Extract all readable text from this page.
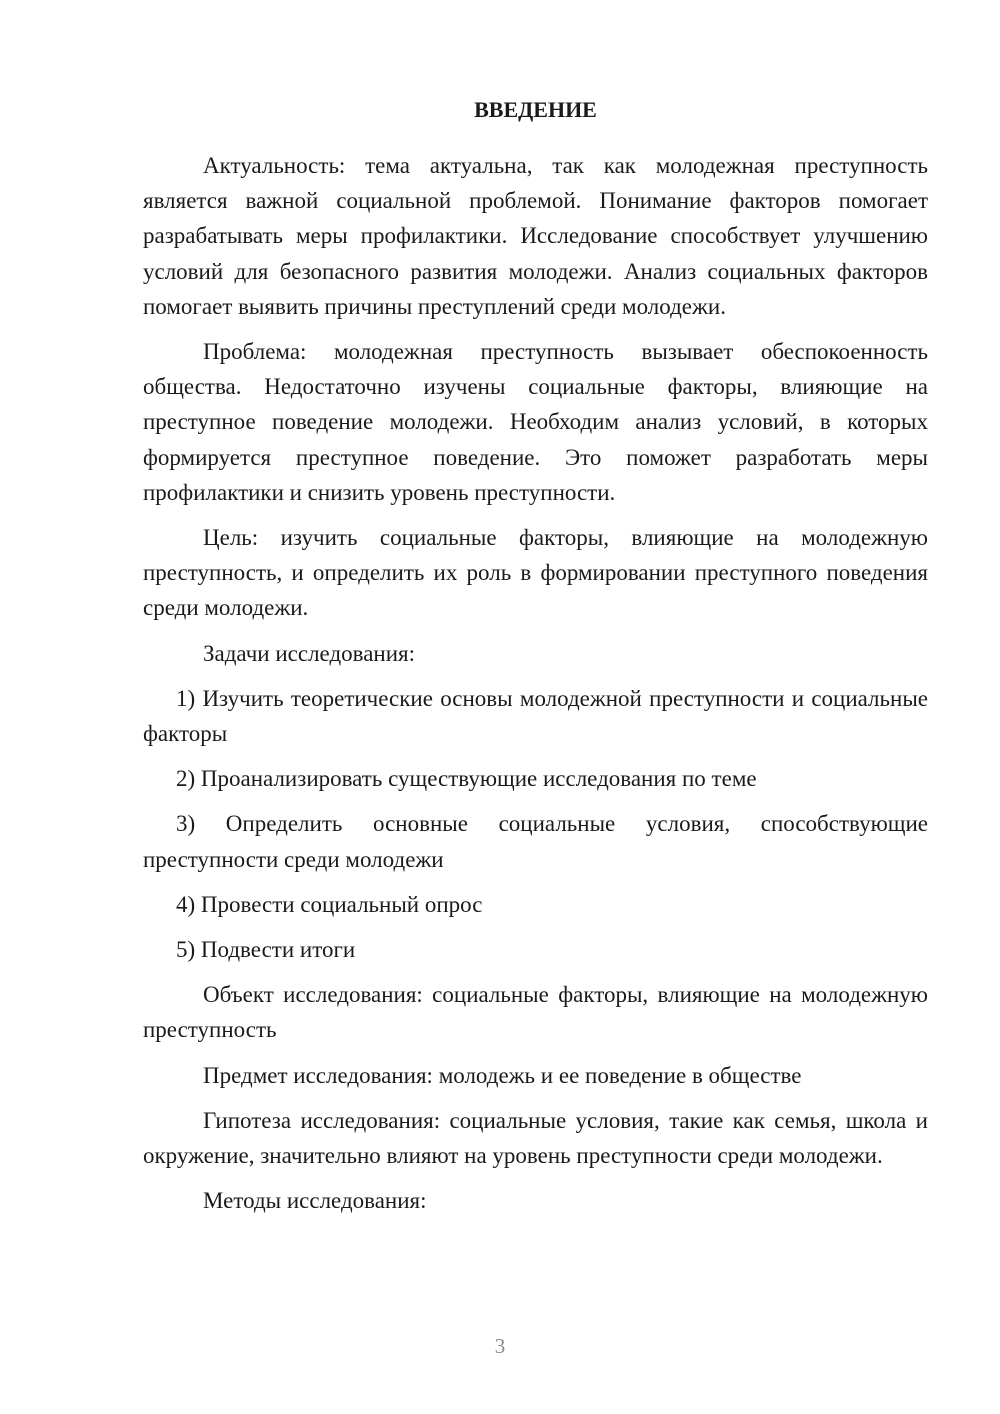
ВВЕДЕНИЕ

Актуальность: тема актуальна, так как молодежная преступность является важной социальной проблемой. Понимание факторов помогает разрабатывать меры профилактики. Исследование способствует улучшению условий для безопасного развития молодежи. Анализ социальных факторов помогает выявить причины преступлений среди молодежи.

Проблема: молодежная преступность вызывает обеспокоенность общества. Недостаточно изучены социальные факторы, влияющие на преступное поведение молодежи. Необходим анализ условий, в которых формируется преступное поведение. Это поможет разработать меры профилактики и снизить уровень преступности.

Цель: изучить социальные факторы, влияющие на молодежную преступность, и определить их роль в формировании преступного поведения среди молодежи.

Задачи исследования:

1) Изучить теоретические основы молодежной преступности и социальные факторы

2) Проанализировать существующие исследования по теме

3) Определить основные социальные условия, способствующие преступности среди молодежи

4) Провести социальный опрос

5) Подвести итоги

Объект исследования: социальные факторы, влияющие на молодежную преступность

Предмет исследования: молодежь и ее поведение в обществе

Гипотеза исследования: социальные условия, такие как семья, школа и окружение, значительно влияют на уровень преступности среди молодежи.

Методы исследования:

3
